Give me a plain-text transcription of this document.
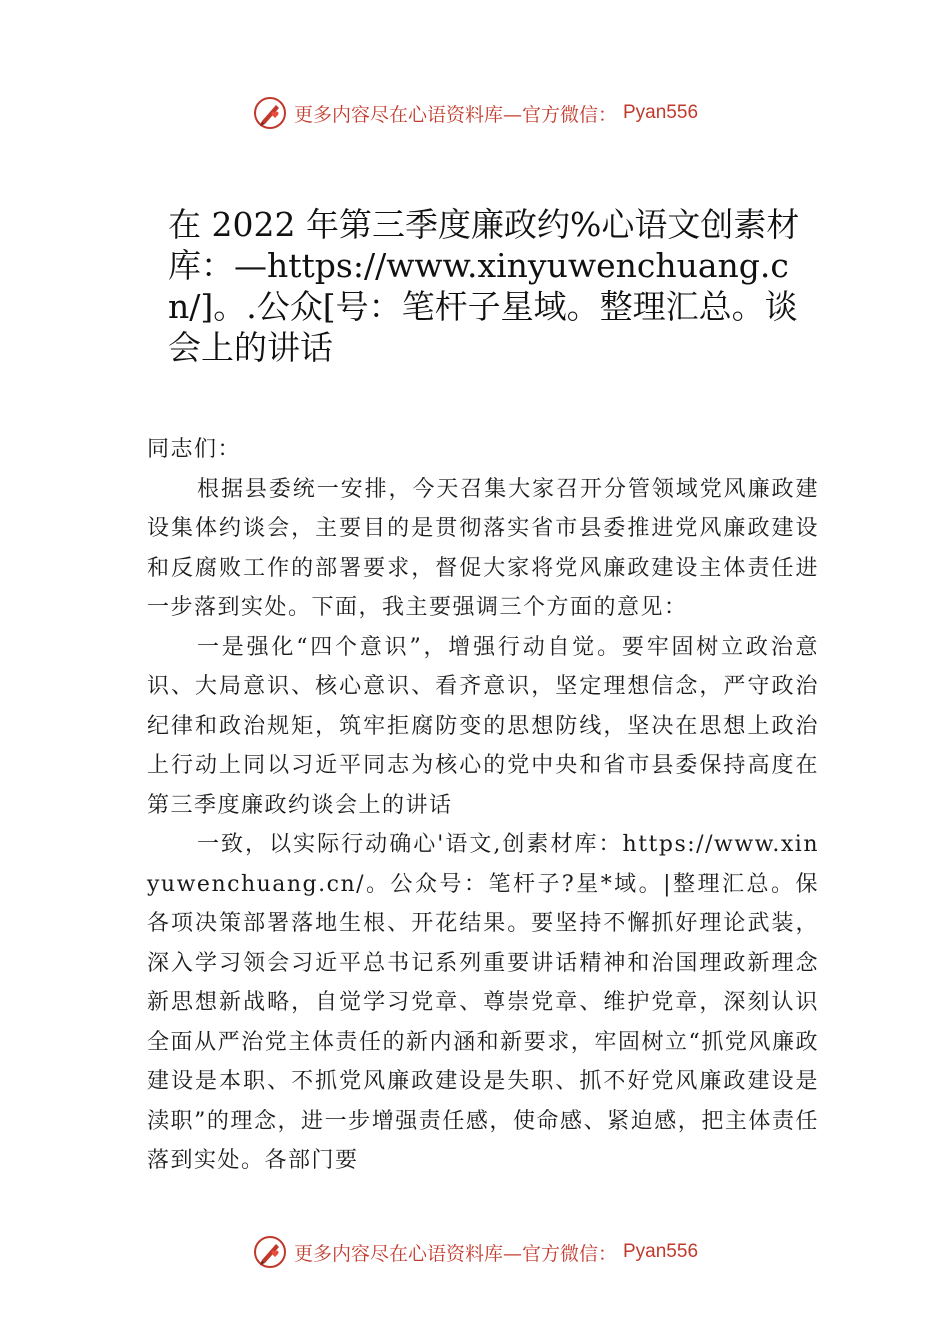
更多内容尽在心语资料库—官方微信： Pyan556
在 2022 年第三季度廉政约%心语文创素材库：—https://www.xinyuwenchuang.cn/]。.公众[号：笔杆子星域。整理汇总。谈会上的讲话

同志们：

根据县委统一安排，今天召集大家召开分管领域党风廉政建设集体约谈会，主要目的是贯彻落实省市县委推进党风廉政建设和反腐败工作的部署要求，督促大家将党风廉政建设主体责任进一步落到实处。下面，我主要强调三个方面的意见：

一是强化“四个意识”，增强行动自觉。要牢固树立政治意识、大局意识、核心意识、看齐意识，坚定理想信念，严守政治纪律和政治规矩，筑牢拒腐防变的思想防线，坚决在思想上政治上行动上同以习近平同志为核心的党中央和省市县委保持高度在第三季度廉政约谈会上的讲话

一致，以实际行动确心'语文,创素材库：https://www.xinyuwenchuang.cn/。公众号：笔杆子?星*域。|整理汇总。保各项决策部署落地生根、开花结果。要坚持不懈抓好理论武装，深入学习领会习近平总书记系列重要讲话精神和治国理政新理念新思想新战略，自觉学习党章、尊崇党章、维护党章，深刻认识全面从严治党主体责任的新内涵和新要求，牢固树立“抓党风廉政建设是本职、不抓党风廉政建设是失职、抓不好党风廉政建设是渎职”的理念，进一步增强责任感，使命感、紧迫感，把主体责任落到实处。各部门要

更多内容尽在心语资料库—官方微信： Pyan556
